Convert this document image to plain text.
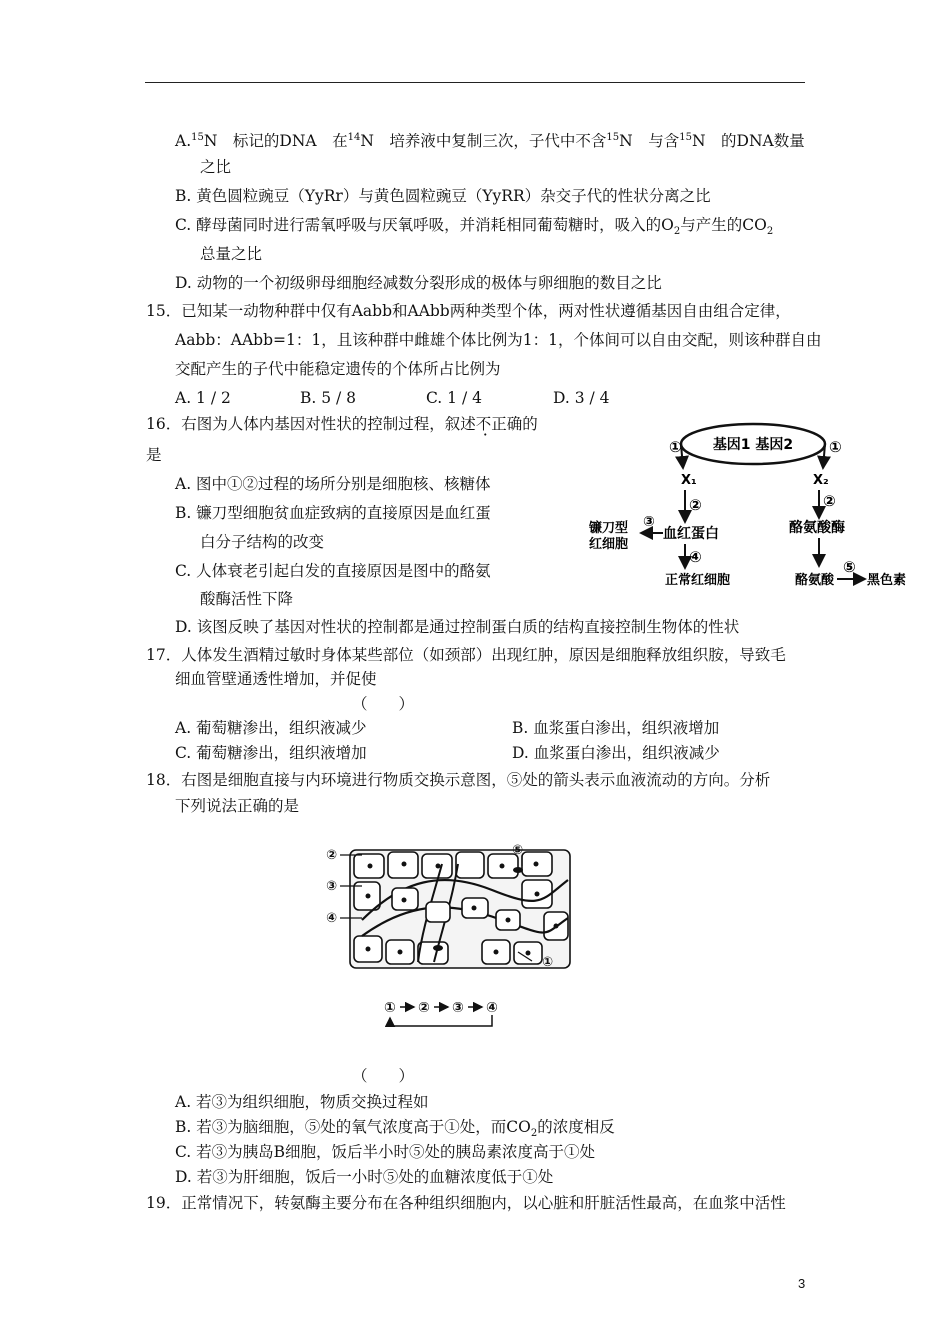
A.$^{15}$N　标记的DNA　在$^{14}$N　培养液中复制三次，子代中不含$^{15}$N　与含$^{15}$N　的DNA数量
之比
B. 黄色圆粒豌豆（YyRr）与黄色圆粒豌豆（YyRR）杂交子代的性状分离之比
C. 酵母菌同时进行需氧呼吸与厌氧呼吸，并消耗相同葡萄糖时，吸入的$O_2$与产生的$CO_2$
总量之比
D. 动物的一个初级卵母细胞经减数分裂形成的极体与卵细胞的数目之比
15．已知某一动物种群中仅有Aabb和AAbb两种类型个体，两对性状遵循基因自由组合定律，
Aabb：AAbb=1：1，且该种群中雌雄个体比例为1：1，个体间可以自由交配，则该种群自由
交配产生的子代中能稳定遗传的个体所占比例为
A. 1 / 2	B. 5 / 8	C. 1 / 4	D. 3 / 4
16．右图为人体内基因对性状的控制过程，叙述不正确的
是
A. 图中①②过程的场所分别是细胞核、核糖体
B. 镰刀型细胞贫血症致病的直接原因是血红蛋
白分子结构的改变
C. 人体衰老引起白发的直接原因是图中的酪氨
酸酶活性下降
D. 该图反映了基因对性状的控制都是通过控制蛋白质的结构直接控制生物体的性状
基因1 基因2
①	①
X₁	X₂
②	②
血红蛋白	酪氨酸酶
③
镰刀型
红细胞
④
正常红细胞	酪氨酸
⑤
黑色素
17．人体发生酒精过敏时身体某些部位（如颈部）出现红肿，原因是细胞释放组织胺，导致毛
细血管壁通透性增加，并促使
（　　）
A. 葡萄糖渗出，组织液减少	B. 血浆蛋白渗出，组织液增加
C. 葡萄糖渗出，组织液增加	D. 血浆蛋白渗出，组织液减少
18．右图是细胞直接与内环境进行物质交换示意图，⑤处的箭头表示血液流动的方向。分析
下列说法正确的是
②
③
④
⑤
①
① ② ③ ④
（　　）
A. 若③为组织细胞，物质交换过程如
B. 若③为脑细胞，⑤处的氧气浓度高于①处，而$CO_2$的浓度相反
C. 若③为胰岛B细胞，饭后半小时⑤处的胰岛素浓度高于①处
D. 若③为肝细胞，饭后一小时⑤处的血糖浓度低于①处
19．正常情况下，转氨酶主要分布在各种组织细胞内，以心脏和肝脏活性最高，在血浆中活性
3
